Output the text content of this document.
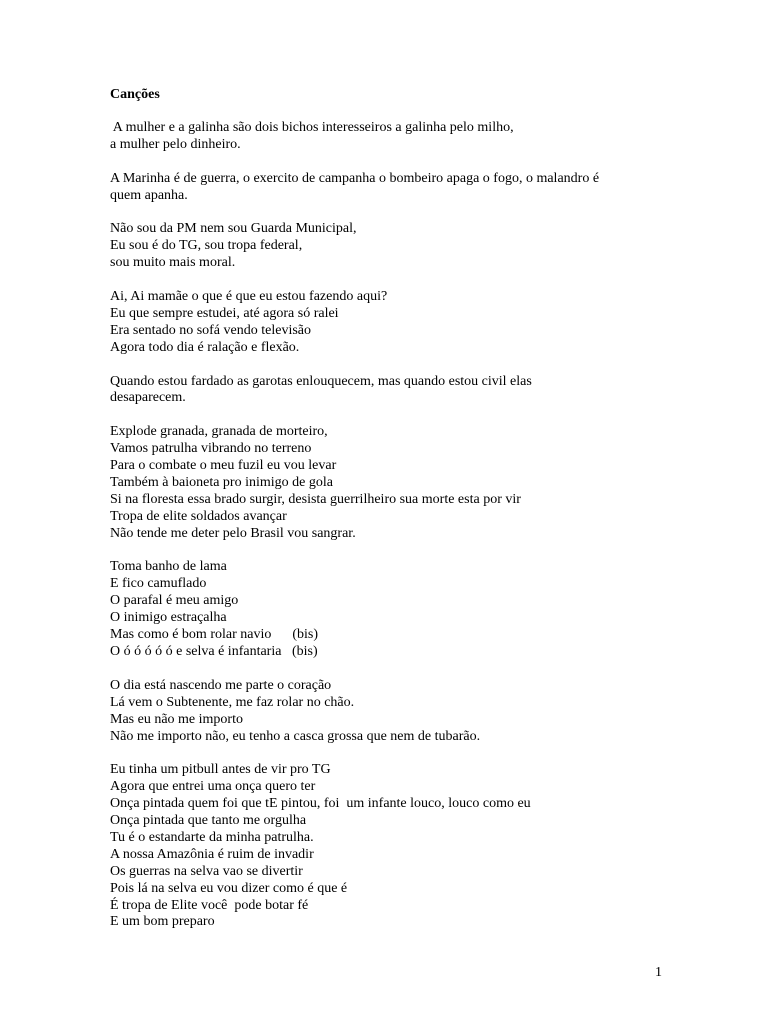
Canções
A mulher e a galinha são dois bichos interesseiros a galinha pelo milho,
a mulher pelo dinheiro.
A Marinha é de guerra, o exercito de campanha o bombeiro apaga o fogo, o malandro é
quem apanha.
Não sou da PM nem sou Guarda Municipal,
Eu sou é do TG, sou tropa federal,
sou muito mais moral.
Ai, Ai mamãe o que é que eu estou fazendo aqui?
Eu que sempre estudei, até agora só ralei
Era sentado no sofá vendo televisão
Agora todo dia é ralação e flexão.
Quando estou fardado as garotas enlouquecem, mas quando estou civil elas
desaparecem.
Explode granada, granada de morteiro,
Vamos patrulha vibrando no terreno
Para o combate o meu fuzil eu vou levar
Também à baioneta pro inimigo de gola
Si na floresta essa brado surgir, desista guerrilheiro sua morte esta por vir
Tropa de elite soldados avançar
Não tende me deter pelo Brasil vou sangrar.
Toma banho de lama
E fico camuflado
O parafal é meu amigo
O inimigo estraçalha
Mas como é bom rolar navio      (bis)
O ó ó ó ó ó e selva é infantaria   (bis)
O dia está nascendo me parte o coração
Lá vem o Subtenente, me faz rolar no chão.
Mas eu não me importo
Não me importo não, eu tenho a casca grossa que nem de tubarão.
Eu tinha um pitbull antes de vir pro TG
Agora que entrei uma onça quero ter
Onça pintada quem foi que tE pintou, foi  um infante louco, louco como eu
Onça pintada que tanto me orgulha
Tu é o estandarte da minha patrulha.
A nossa Amazônia é ruim de invadir
Os guerras na selva vao se divertir
Pois lá na selva eu vou dizer como é que é
É tropa de Elite você  pode botar fé
E um bom preparo
1
